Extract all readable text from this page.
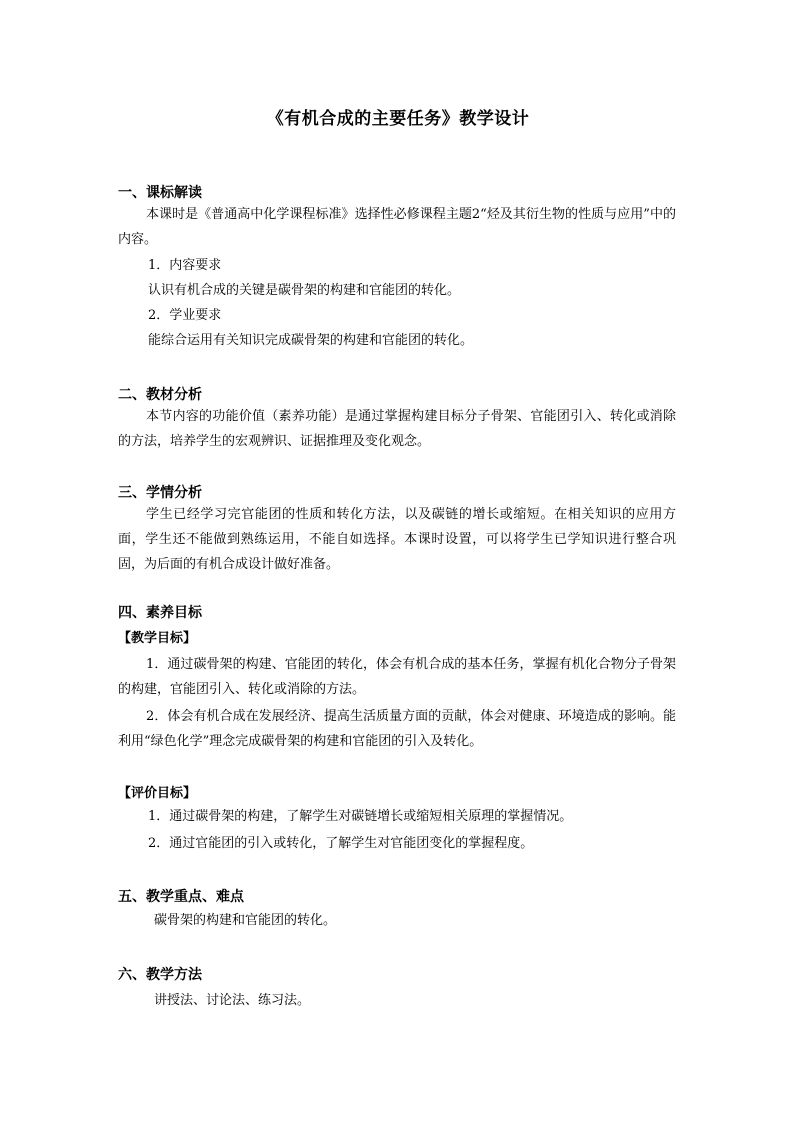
《有机合成的主要任务》教学设计
一、课标解读
本课时是《普通高中化学课程标准》选择性必修课程主题2“烃及其衍生物的性质与应用”中的内容。
1．内容要求
认识有机合成的关键是碳骨架的构建和官能团的转化。
2．学业要求
能综合运用有关知识完成碳骨架的构建和官能团的转化。
二、教材分析
本节内容的功能价值（素养功能）是通过掌握构建目标分子骨架、官能团引入、转化或消除的方法，培养学生的宏观辨识、证据推理及变化观念。
三、学情分析
学生已经学习完官能团的性质和转化方法，以及碳链的增长或缩短。在相关知识的应用方面，学生还不能做到熟练运用，不能自如选择。本课时设置，可以将学生已学知识进行整合巩固，为后面的有机合成设计做好准备。
四、素养目标
【教学目标】
1．通过碳骨架的构建、官能团的转化，体会有机合成的基本任务，掌握有机化合物分子骨架的构建，官能团引入、转化或消除的方法。
2．体会有机合成在发展经济、提高生活质量方面的贡献，体会对健康、环境造成的影响。能利用“绿色化学”理念完成碳骨架的构建和官能团的引入及转化。
【评价目标】
1．通过碳骨架的构建，了解学生对碳链增长或缩短相关原理的掌握情况。
2．通过官能团的引入或转化，了解学生对官能团变化的掌握程度。
五、教学重点、难点
碳骨架的构建和官能团的转化。
六、教学方法
讲授法、讨论法、练习法。
